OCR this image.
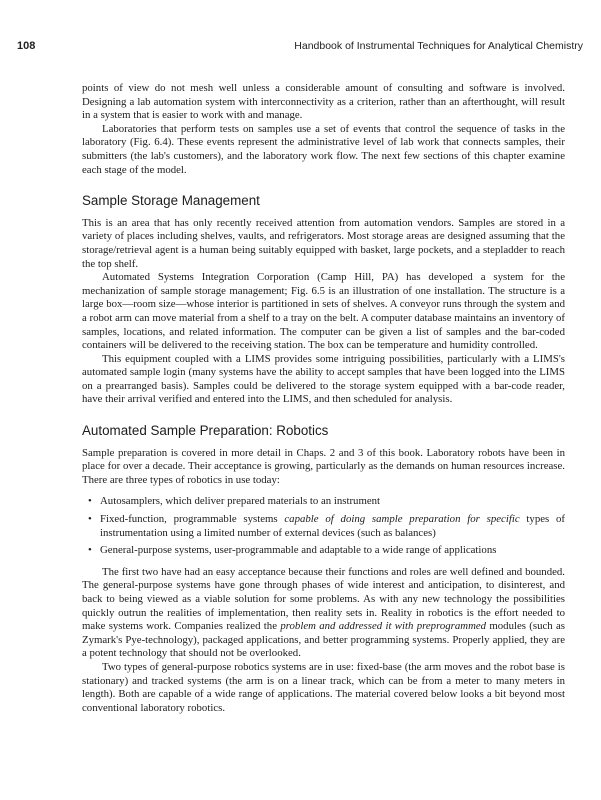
108	Handbook of Instrumental Techniques for Analytical Chemistry

points of view do not mesh well unless a considerable amount of consulting and software is involved. Designing a lab automation system with interconnectivity as a criterion, rather than an afterthought, will result in a system that is easier to work with and manage.

Laboratories that perform tests on samples use a set of events that control the sequence of tasks in the laboratory (Fig. 6.4). These events represent the administrative level of lab work that connects samples, their submitters (the lab's customers), and the laboratory work flow. The next few sections of this chapter examine each stage of the model.

Sample Storage Management

This is an area that has only recently received attention from automation vendors. Samples are stored in a variety of places including shelves, vaults, and refrigerators. Most storage areas are designed assuming that the storage/retrieval agent is a human being suitably equipped with basket, large pockets, and a stepladder to reach the top shelf.

Automated Systems Integration Corporation (Camp Hill, PA) has developed a system for the mechanization of sample storage management; Fig. 6.5 is an illustration of one installation. The structure is a large box—room size—whose interior is partitioned in sets of shelves. A conveyor runs through the system and a robot arm can move material from a shelf to a tray on the belt. A computer database maintains an inventory of samples, locations, and related information. The computer can be given a list of samples and the bar-coded containers will be delivered to the receiving station. The box can be temperature and humidity controlled.

This equipment coupled with a LIMS provides some intriguing possibilities, particularly with a LIMS's automated sample login (many systems have the ability to accept samples that have been logged into the LIMS on a prearranged basis). Samples could be delivered to the storage system equipped with a bar-code reader, have their arrival verified and entered into the LIMS, and then scheduled for analysis.

Automated Sample Preparation: Robotics

Sample preparation is covered in more detail in Chaps. 2 and 3 of this book. Laboratory robots have been in place for over a decade. Their acceptance is growing, particularly as the demands on human resources increase. There are three types of robotics in use today:

• Autosamplers, which deliver prepared materials to an instrument
• Fixed-function, programmable systems capable of doing sample preparation for specific types of instrumentation using a limited number of external devices (such as balances)
• General-purpose systems, user-programmable and adaptable to a wide range of applications

The first two have had an easy acceptance because their functions and roles are well defined and bounded. The general-purpose systems have gone through phases of wide interest and anticipation, to disinterest, and back to being viewed as a viable solution for some problems. As with any new technology the possibilities quickly outrun the realities of implementation, then reality sets in. Reality in robotics is the effort needed to make systems work. Companies realized the problem and addressed it with preprogrammed modules (such as Zymark's Pye-technology), packaged applications, and better programming systems. Properly applied, they are a potent technology that should not be overlooked.

Two types of general-purpose robotics systems are in use: fixed-base (the arm moves and the robot base is stationary) and tracked systems (the arm is on a linear track, which can be from a meter to many meters in length). Both are capable of a wide range of applications. The material covered below looks a bit beyond most conventional laboratory robotics.
